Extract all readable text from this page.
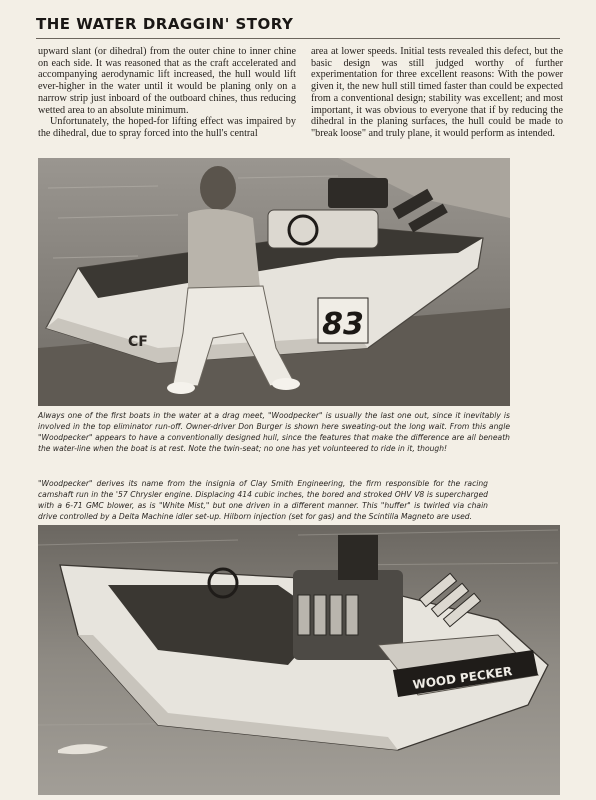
THE WATER DRAGGIN' STORY

upward slant (or dihedral) from the outer chine to inner chine on each side. It was reasoned that as the craft accelerated and accompanying aerodynamic lift increased, the hull would lift ever-higher in the water until it would be planing only on a narrow strip just inboard of the outboard chines, thus reducing wetted area to an absolute minimum.

Unfortunately, the hoped-for lifting effect was impaired by the dihedral, due to spray forced into the hull's central

area at lower speeds. Initial tests revealed this defect, but the basic design was still judged worthy of further experimentation for three excellent reasons: With the power given it, the new hull still timed faster than could be expected from a conventional design; stability was excellent; and most important, it was obvious to everyone that if by reducing the dihedral in the planing surfaces, the hull could be made to "break loose" and truly plane, it would perform as intended.

83
CF
Always one of the first boats in the water at a drag meet, "Woodpecker" is usually the last one out, since it inevitably is involved in the top eliminator run-off. Owner-driver Don Burger is shown here sweating-out the long wait. From this angle "Woodpecker" appears to have a conventionally designed hull, since the features that make the difference are all beneath the water-line when the boat is at rest. Note the twin-seat; no one has yet volunteered to ride in it, though!
"Woodpecker" derives its name from the insignia of Clay Smith Engineering, the firm responsible for the racing camshaft run in the '57 Chrysler engine. Displacing 414 cubic inches, the bored and stroked OHV V8 is supercharged with a 6-71 GMC blower, as is "White Mist," but one driven in a different manner. This "huffer" is twirled via chain drive controlled by a Delta Machine idler set-up. Hilborn injection (set for gas) and the Scintilla Magneto are used.
WOOD PECKER
